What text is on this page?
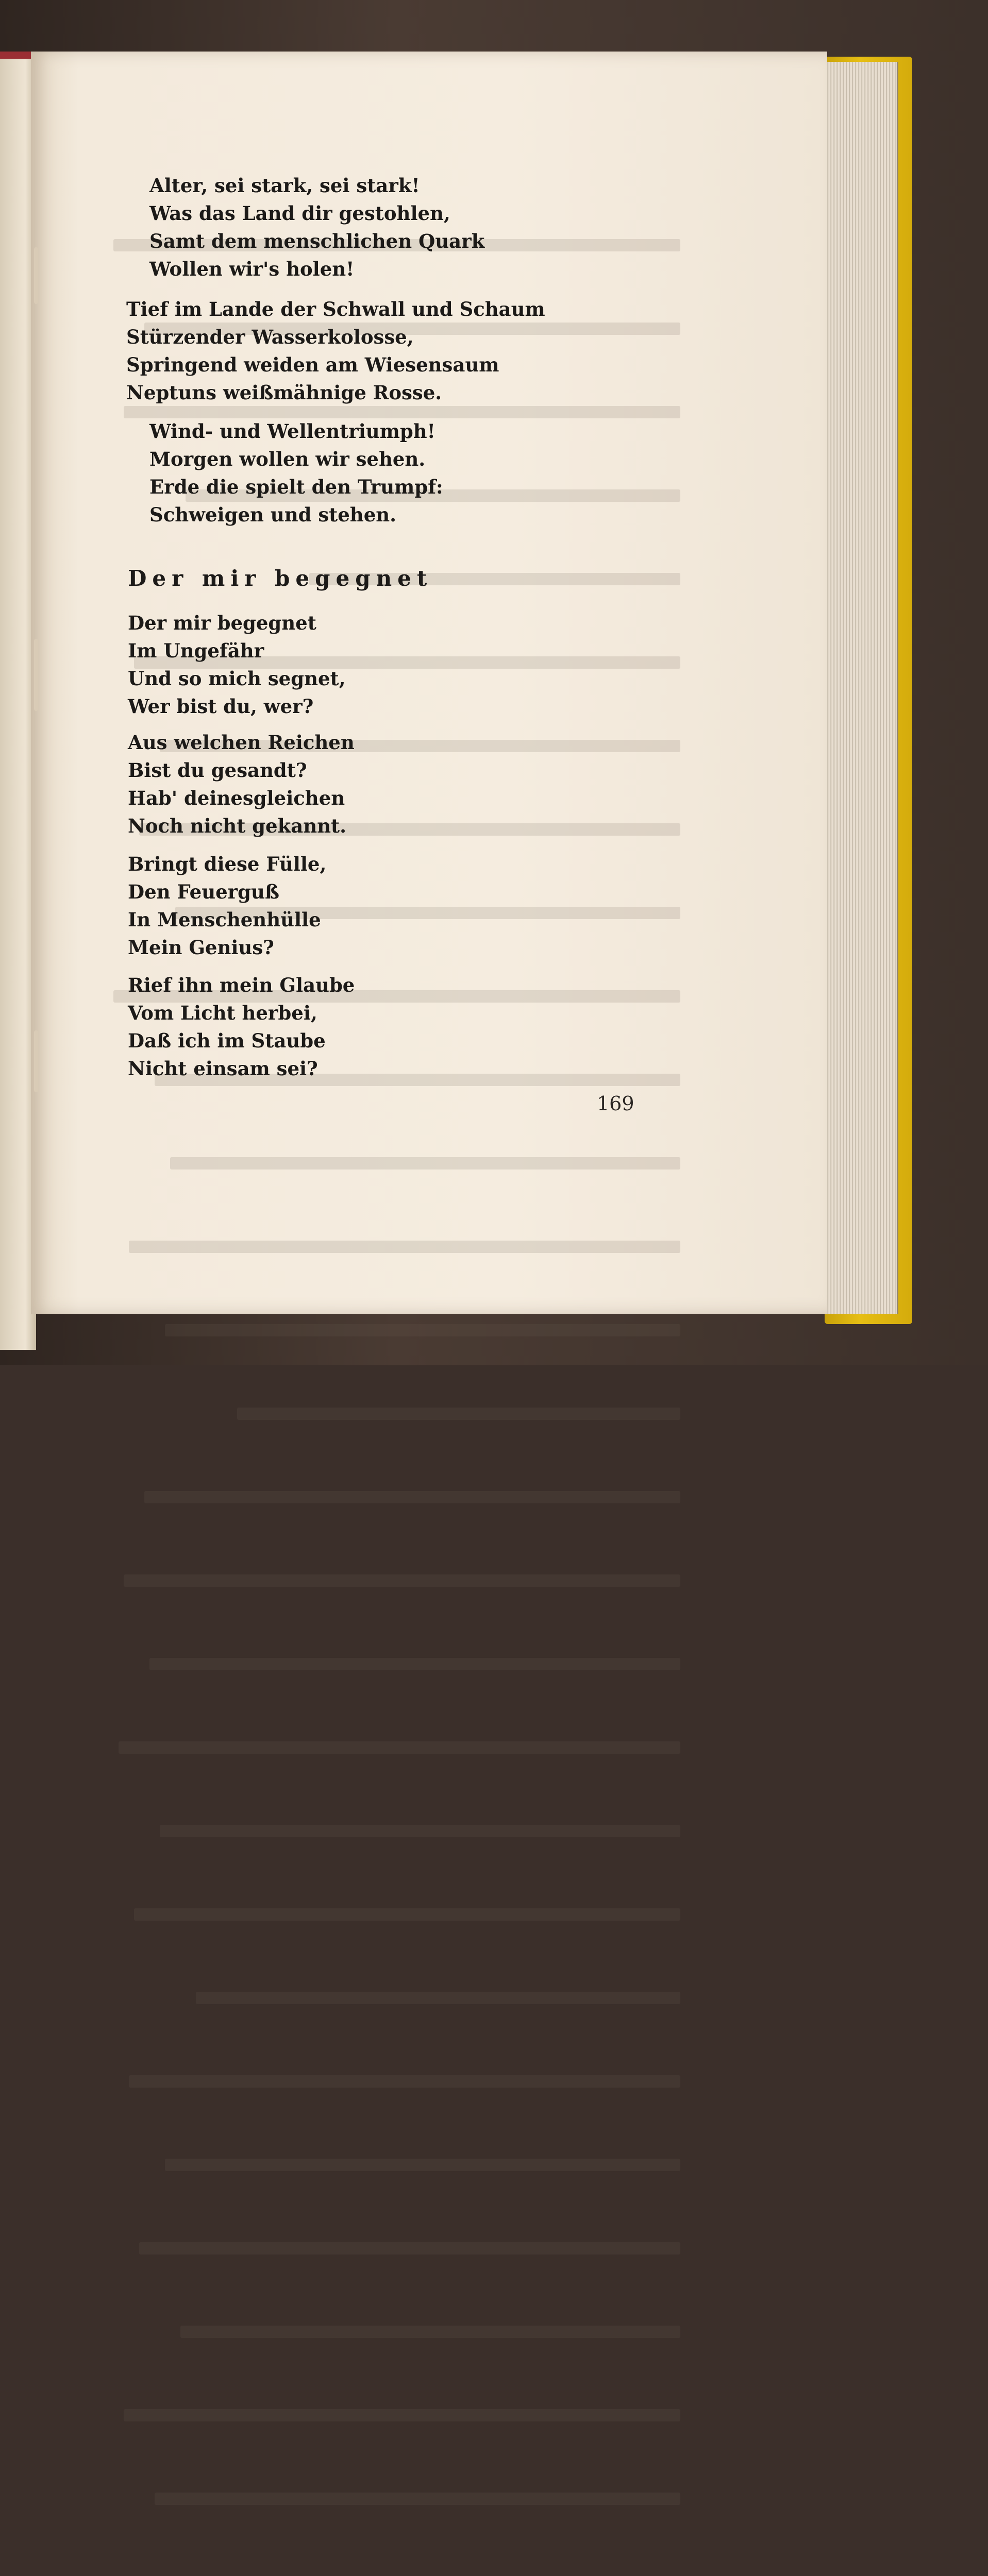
Alter, sei stark, sei stark!
Was das Land dir gestohlen,
Samt dem menschlichen Quark
Wollen wir's holen!
Tief im Lande der Schwall und Schaum
Stürzender Wasserkolosse,
Springend weiden am Wiesensaum
Neptuns weißmähnige Rosse.
Wind- und Wellentriumph!
Morgen wollen wir sehen.
Erde die spielt den Trumpf:
Schweigen und stehen.
Der mir begegnet
Der mir begegnet
Im Ungefähr
Und so mich segnet,
Wer bist du, wer?
Aus welchen Reichen
Bist du gesandt?
Hab' deinesgleichen
Noch nicht gekannt.
Bringt diese Fülle,
Den Feuerguß
In Menschenhülle
Mein Genius?
Rief ihn mein Glaube
Vom Licht herbei,
Daß ich im Staube
Nicht einsam sei?
169
